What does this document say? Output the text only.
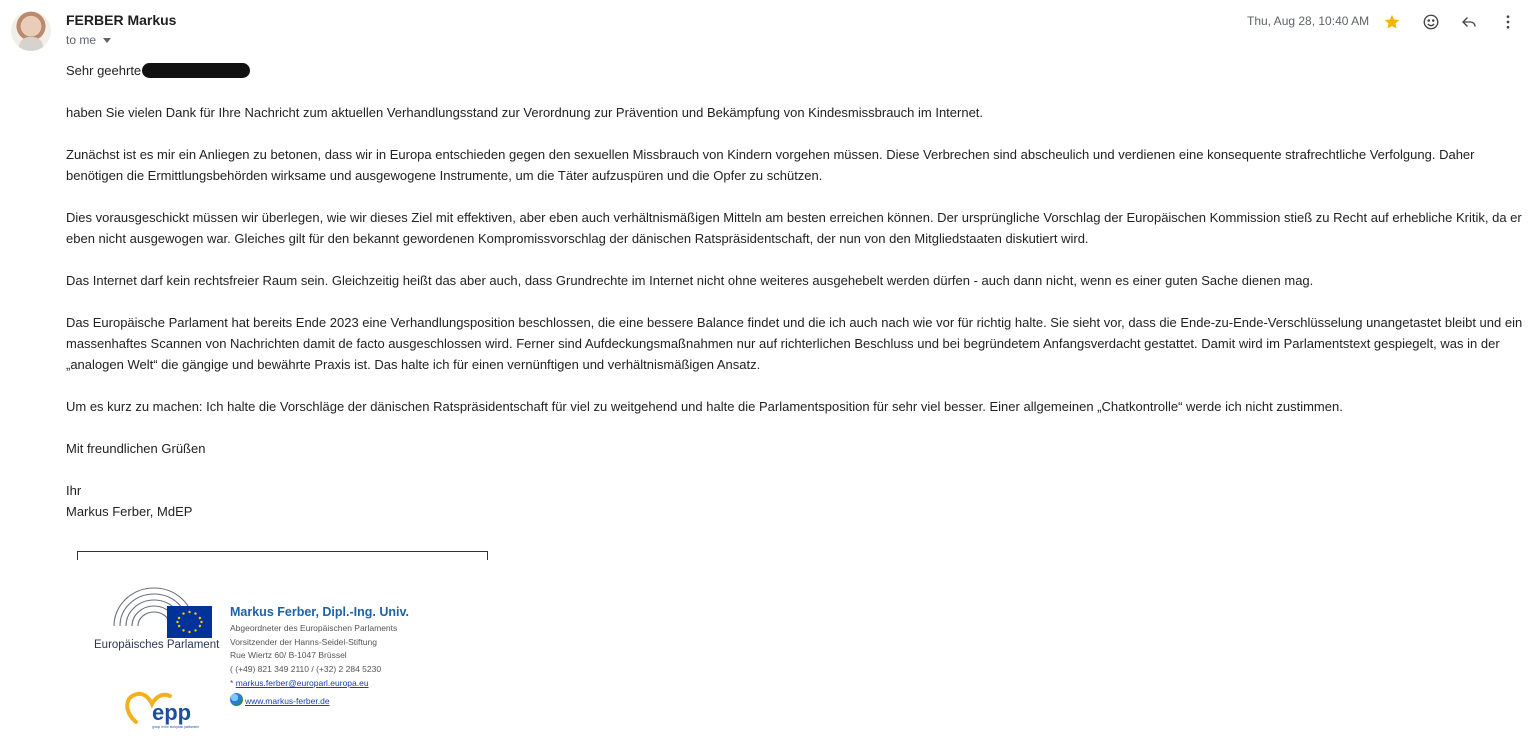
FERBER Markus
to me
Thu, Aug 28, 10:40 AM

Sehr geehrte

haben Sie vielen Dank für Ihre Nachricht zum aktuellen Verhandlungsstand zur Verordnung zur Prävention und Bekämpfung von Kindesmissbrauch im Internet.

Zunächst ist es mir ein Anliegen zu betonen, dass wir in Europa entschieden gegen den sexuellen Missbrauch von Kindern vorgehen müssen. Diese Verbrechen sind abscheulich und verdienen eine konsequente strafrechtliche Verfolgung. Daher benötigen die Ermittlungsbehörden wirksame und ausgewogene Instrumente, um die Täter aufzuspüren und die Opfer zu schützen.

Dies vorausgeschickt müssen wir überlegen, wie wir dieses Ziel mit effektiven, aber eben auch verhältnismäßigen Mitteln am besten erreichen können. Der ursprüngliche Vorschlag der Europäischen Kommission stieß zu Recht auf erhebliche Kritik, da er eben nicht ausgewogen war. Gleiches gilt für den bekannt gewordenen Kompromissvorschlag der dänischen Ratspräsidentschaft, der nun von den Mitgliedstaaten diskutiert wird.

Das Internet darf kein rechtsfreier Raum sein. Gleichzeitig heißt das aber auch, dass Grundrechte im Internet nicht ohne weiteres ausgehebelt werden dürfen - auch dann nicht, wenn es einer guten Sache dienen mag.

Das Europäische Parlament hat bereits Ende 2023 eine Verhandlungsposition beschlossen, die eine bessere Balance findet und die ich auch nach wie vor für richtig halte. Sie sieht vor, dass die Ende-zu-Ende-Verschlüsselung unangetastet bleibt und ein massenhaftes Scannen von Nachrichten damit de facto ausgeschlossen wird. Ferner sind Aufdeckungsmaßnahmen nur auf richterlichen Beschluss und bei begründetem Anfangsverdacht gestattet. Damit wird im Parlamentstext gespiegelt, was in der „analogen Welt“ die gängige und bewährte Praxis ist. Das halte ich für einen vernünftigen und verhältnismäßigen Ansatz.

Um es kurz zu machen: Ich halte die Vorschläge der dänischen Ratspräsidentschaft für viel zu weitgehend und halte die Parlamentsposition für sehr viel besser. Einer allgemeinen „Chatkontrolle“ werde ich nicht zustimmen.

Mit freundlichen Grüßen

Ihr
Markus Ferber, MdEP
Europäisches Parlament
Markus Ferber, Dipl.-Ing. Univ.
Abgeordneter des Europäischen Parlaments
Vorsitzender der Hanns-Seidel-Stiftung
Rue Wiertz 60/ B-1047 Brüssel
( (+49) 821 349 2110 / (+32) 2 284 5230
* markus.ferber@europarl.europa.eu
www.markus-ferber.de
epp
group in the european parliament
